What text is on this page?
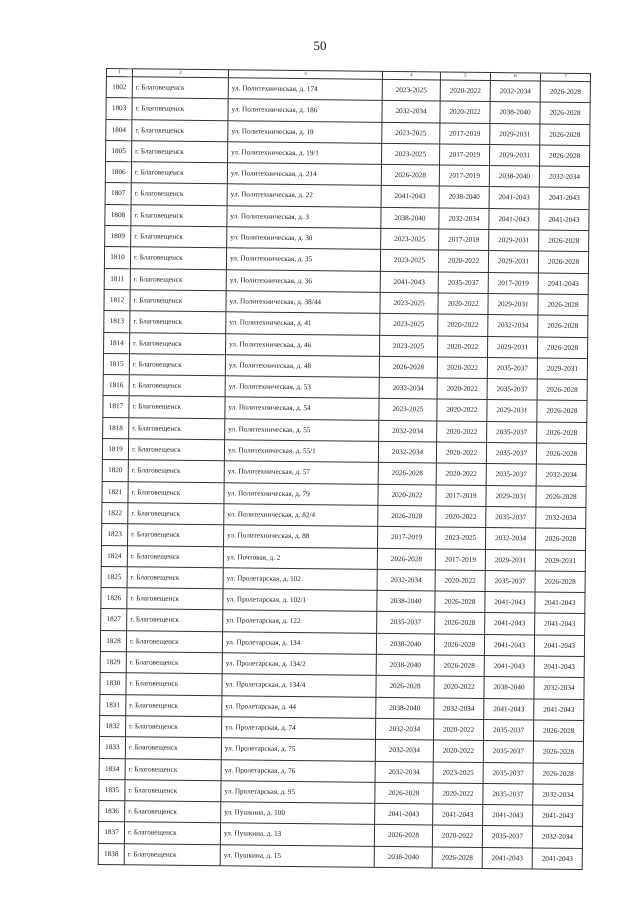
50
1	2	3	4	5	6	7
1802	г. Благовещенск	ул. Политехническая, д. 174	2023-2025	2020-2022	2032-2034	2026-2028
1803	г. Благовещенск	ул. Политехническая, д. 186	2032-2034	2020-2022	2038-2040	2026-2028
1804	г. Благовещенск	ул. Политехническая, д. 19	2023-2025	2017-2019	2029-2031	2026-2028
1805	г. Благовещенск	ул. Политехническая, д. 19/1	2023-2025	2017-2019	2029-2031	2026-2028
1806	г. Благовещенск	ул. Политехническая, д. 214	2026-2028	2017-2019	2038-2040	2032-2034
1807	г. Благовещенск	ул. Политехническая, д. 22	2041-2043	2038-2040	2041-2043	2041-2043
1808	г. Благовещенск	ул. Политехническая, д. 3	2038-2040	2032-2034	2041-2043	2041-2043
1809	г. Благовещенск	ул. Политехническая, д. 30	2023-2025	2017-2019	2029-2031	2026-2028
1810	г. Благовещенск	ул. Политехническая, д. 35	2023-2025	2020-2022	2029-2031	2026-2028
1811	г. Благовещенск	ул. Политехническая, д. 36	2041-2043	2035-2037	2017-2019	2041-2043
1812	г. Благовещенск	ул. Политехническая, д. 38/44	2023-2025	2020-2022	2029-2031	2026-2028
1813	г. Благовещенск	ул. Политехническая, д. 41	2023-2025	2020-2022	2032-2034	2026-2028
1814	г. Благовещенск	ул. Политехническая, д. 46	2023-2025	2020-2022	2029-2031	2026-2028
1815	г. Благовещенск	ул. Политехническая, д. 48	2026-2028	2020-2022	2035-2037	2029-2031
1816	г. Благовещенск	ул. Политехническая, д. 53	2032-2034	2020-2022	2035-2037	2026-2028
1817	г. Благовещенск	ул. Политехническая, д. 54	2023-2025	2020-2022	2029-2031	2026-2028
1818	г. Благовещенск	ул. Политехническая, д. 55	2032-2034	2020-2022	2035-2037	2026-2028
1819	г. Благовещенск	ул. Политехническая, д. 55/1	2032-2034	2020-2022	2035-2037	2026-2028
1820	г. Благовещенск	ул. Политехническая, д. 57	2026-2028	2020-2022	2035-2037	2032-2034
1821	г. Благовещенск	ул. Политехническая, д. 79	2020-2022	2017-2019	2029-2031	2026-2028
1822	г. Благовещенск	ул. Политехническая, д. 82/4	2026-2028	2020-2022	2035-2037	2032-2034
1823	г. Благовещенск	ул. Политехническая, д. 88	2017-2019	2023-2025	2032-2034	2026-2028
1824	г. Благовещенск	ул. Почтовая, д. 2	2026-2028	2017-2019	2029-2031	2029-2031
1825	г. Благовещенск	ул. Пролетарская, д. 102	2032-2034	2020-2022	2035-2037	2026-2028
1826	г. Благовещенск	ул. Пролетарская, д. 102/1	2038-2040	2026-2028	2041-2043	2041-2043
1827	г. Благовещенск	ул. Пролетарская, д. 122	2035-2037	2026-2028	2041-2043	2041-2043
1828	г. Благовещенск	ул. Пролетарская, д. 134	2038-2040	2026-2028	2041-2043	2041-2043
1829	г. Благовещенск	ул. Пролетарская, д. 134/2	2038-2040	2026-2028	2041-2043	2041-2043
1830	г. Благовещенск	ул. Пролетарская, д. 134/4	2026-2028	2020-2022	2038-2040	2032-2034
1831	г. Благовещенск	ул. Пролетарская, д. 44	2038-2040	2032-2034	2041-2043	2041-2043
1832	г. Благовещенск	ул. Пролетарская, д. 74	2032-2034	2020-2022	2035-2037	2026-2028
1833	г. Благовещенск	ул. Пролетарская, д. 75	2032-2034	2020-2022	2035-2037	2026-2028
1834	г. Благовещенск	ул. Пролетарская, д. 76	2032-2034	2023-2025	2035-2037	2026-2028
1835	г. Благовещенск	ул. Пролетарская, д. 95	2026-2028	2020-2022	2035-2037	2032-2034
1836	г. Благовещенск	ул. Пушкина, д. 100	2041-2043	2041-2043	2041-2043	2041-2043
1837	г. Благовещенск	ул. Пушкина, д. 13	2026-2028	2020-2022	2035-2037	2032-2034
1838	г. Благовещенск	ул. Пушкина, д. 15	2038-2040	2026-2028	2041-2043	2041-2043
